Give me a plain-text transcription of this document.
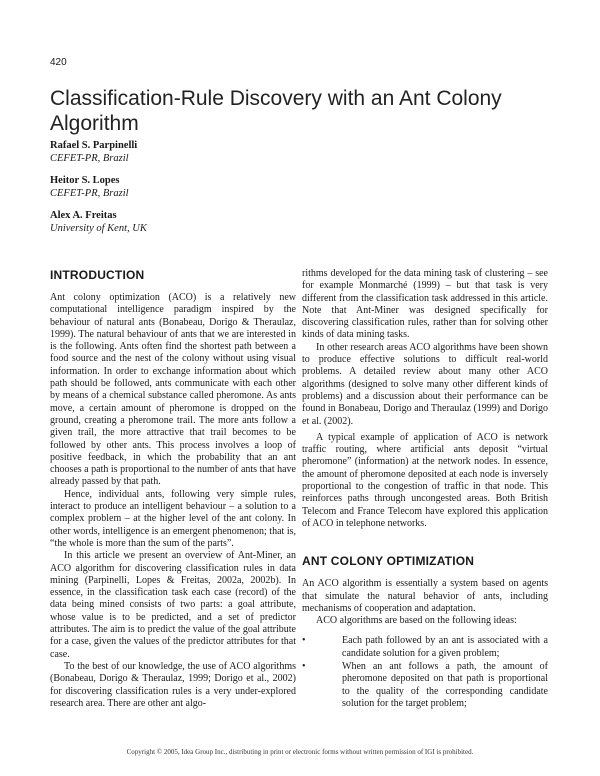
420
Classification-Rule Discovery with an Ant Colony Algorithm
Rafael S. Parpinelli
CEFET-PR, Brazil
Heitor S. Lopes
CEFET-PR, Brazil
Alex A. Freitas
University of Kent, UK
INTRODUCTION

Ant colony optimization (ACO) is a relatively new computational intelligence paradigm inspired by the behaviour of natural ants (Bonabeau, Dorigo & Theraulaz, 1999). The natural behaviour of ants that we are interested in is the following. Ants often find the shortest path between a food source and the nest of the colony without using visual information. In order to exchange information about which path should be followed, ants communicate with each other by means of a chemical substance called pheromone. As ants move, a certain amount of pheromone is dropped on the ground, creating a pheromone trail. The more ants follow a given trail, the more attractive that trail becomes to be followed by other ants. This process involves a loop of positive feedback, in which the probability that an ant chooses a path is proportional to the number of ants that have already passed by that path.

Hence, individual ants, following very simple rules, interact to produce an intelligent behaviour – a solution to a complex problem – at the higher level of the ant colony. In other words, intelligence is an emergent phenomenon; that is, “the whole is more than the sum of the parts”.

In this article we present an overview of Ant-Miner, an ACO algorithm for discovering classification rules in data mining (Parpinelli, Lopes & Freitas, 2002a, 2002b). In essence, in the classification task each case (record) of the data being mined consists of two parts: a goal attribute, whose value is to be predicted, and a set of predictor attributes. The aim is to predict the value of the goal attribute for a case, given the values of the predictor attributes for that case.

To the best of our knowledge, the use of ACO algorithms (Bonabeau, Dorigo & Theraulaz, 1999; Dorigo et al., 2002) for discovering classification rules is a very under-explored research area. There are other ant algo-

rithms developed for the data mining task of clustering – see for example Monmarché (1999) – but that task is very different from the classification task addressed in this article. Note that Ant-Miner was designed specifically for discovering classification rules, rather than for solving other kinds of data mining tasks.

In other research areas ACO algorithms have been shown to produce effective solutions to difficult real-world problems. A detailed review about many other ACO algorithms (designed to solve many other different kinds of problems) and a discussion about their performance can be found in Bonabeau, Dorigo and Theraulaz (1999) and Dorigo et al. (2002).

A typical example of application of ACO is network traffic routing, where artificial ants deposit “virtual pheromone” (information) at the network nodes. In essence, the amount of pheromone deposited at each node is inversely proportional to the congestion of traffic in that node. This reinforces paths through uncongested areas. Both British Telecom and France Telecom have explored this application of ACO in telephone networks.

ANT COLONY OPTIMIZATION

An ACO algorithm is essentially a system based on agents that simulate the natural behavior of ants, including mechanisms of cooperation and adaptation.

ACO algorithms are based on the following ideas:

•	Each path followed by an ant is associated with a candidate solution for a given problem;
•	When an ant follows a path, the amount of pheromone deposited on that path is proportional to the quality of the corresponding candidate solution for the target problem;
Copyright © 2005, Idea Group Inc., distributing in print or electronic forms without written permission of IGI is prohibited.
